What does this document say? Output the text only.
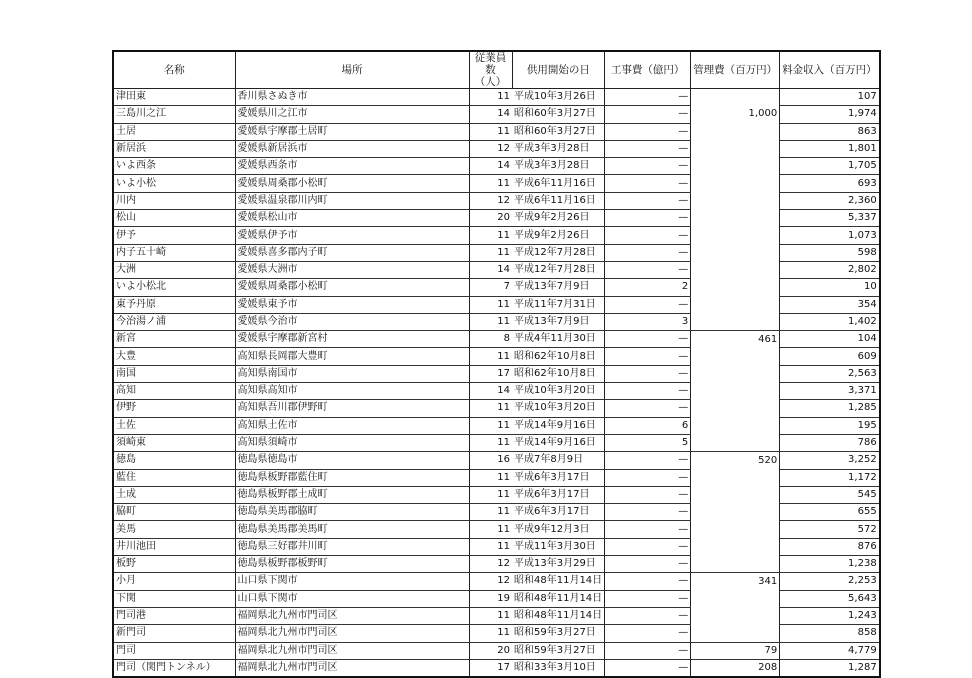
名称	場所	従業員数
（人）	供用開始の日	工事費（億円）	管理費（百万円）	料金収入（百万円）
津田東	香川県さぬき市	11	平成10年3月26日	—		107
三島川之江	愛媛県川之江市	14	昭和60年3月27日	—	1,000	1,974
土居	愛媛県宇摩郡土居町	11	昭和60年3月27日	—		863
新居浜	愛媛県新居浜市	12	平成3年3月28日	—		1,801
いよ西条	愛媛県西条市	14	平成3年3月28日	—		1,705
いよ小松	愛媛県周桑郡小松町	11	平成6年11月16日	—		693
川内	愛媛県温泉郡川内町	12	平成6年11月16日	—		2,360
松山	愛媛県松山市	20	平成9年2月26日	—		5,337
伊予	愛媛県伊予市	11	平成9年2月26日	—		1,073
内子五十崎	愛媛県喜多郡内子町	11	平成12年7月28日	—		598
大洲	愛媛県大洲市	14	平成12年7月28日	—		2,802
いよ小松北	愛媛県周桑郡小松町	7	平成13年7月9日	2		10
東予丹原	愛媛県東予市	11	平成11年7月31日	—		354
今治湯ノ浦	愛媛県今治市	11	平成13年7月9日	3		1,402
新宮	愛媛県宇摩郡新宮村	8	平成4年11月30日	—	461	104
大豊	高知県長岡郡大豊町	11	昭和62年10月8日	—		609
南国	高知県南国市	17	昭和62年10月8日	—		2,563
高知	高知県高知市	14	平成10年3月20日	—		3,371
伊野	高知県吾川郡伊野町	11	平成10年3月20日	—		1,285
土佐	高知県土佐市	11	平成14年9月16日	6		195
須崎東	高知県須崎市	11	平成14年9月16日	5		786
徳島	徳島県徳島市	16	平成7年8月9日	—	520	3,252
藍住	徳島県板野郡藍住町	11	平成6年3月17日	—		1,172
土成	徳島県板野郡土成町	11	平成6年3月17日	—		545
脇町	徳島県美馬郡脇町	11	平成6年3月17日	—		655
美馬	徳島県美馬郡美馬町	11	平成9年12月3日	—		572
井川池田	徳島県三好郡井川町	11	平成11年3月30日	—		876
板野	徳島県板野郡板野町	12	平成13年3月29日	—		1,238
小月	山口県下関市	12	昭和48年11月14日	—	341	2,253
下関	山口県下関市	19	昭和48年11月14日	—		5,643
門司港	福岡県北九州市門司区	11	昭和48年11月14日	—		1,243
新門司	福岡県北九州市門司区	11	昭和59年3月27日	—		858
門司	福岡県北九州市門司区	20	昭和59年3月27日	—	79	4,779
門司（関門トンネル）	福岡県北九州市門司区	17	昭和33年3月10日	—	208	1,287
